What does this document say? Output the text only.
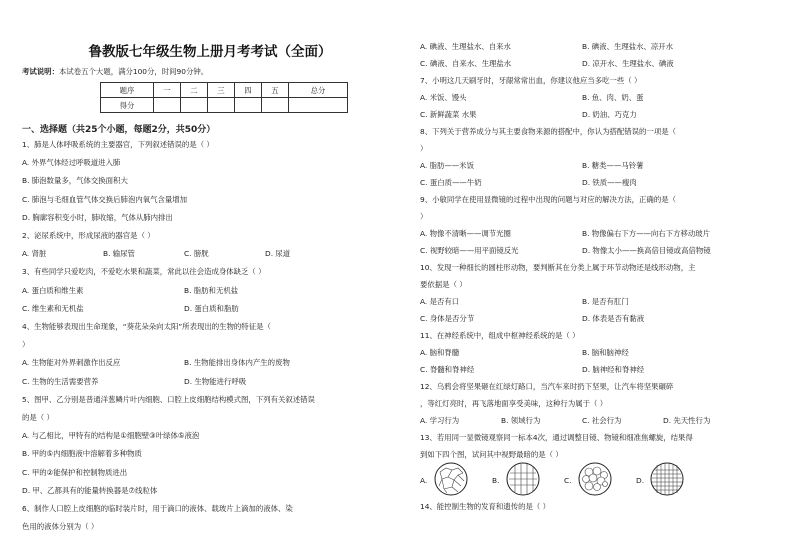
鲁教版七年级生物上册月考考试（全面）
考试说明：本试卷五个大题，满分100分，时间90分钟。
题序	一	二	三	四	五	总分
得分						
一、选择题（共25个小题，每题2分，共50分）
1、肺是人体呼吸系统的主要器官，下列叙述错误的是（ ）
A. 外界气体经过呼吸道进入肺
B. 肺泡数量多，气体交换面积大
C. 肺泡与毛细血管气体交换后肺泡内氧气含量增加
D. 胸廓容积变小时，肺收缩，气体从肺内排出
2、泌尿系统中，形成尿液的器官是（ ）
A. 肾脏	B. 输尿管	C. 膀胱	D. 尿道
3、有些同学只爱吃肉，不爱吃水果和蔬菜，常此以往会造成身体缺乏（ ）
A. 蛋白质和维生素	B. 脂肪和无机盐
C. 维生素和无机盐	D. 蛋白质和脂肪
4、生物能够表现出生命现象，“葵花朵朵向太阳”所表现出的生物的特征是（
）
A. 生物能对外界刺激作出反应	B. 生物能排出身体内产生的废物
C. 生物的生活需要营养	D. 生物能进行呼吸
5、图甲、乙分别是普通洋葱鳞片叶内细胞、口腔上皮细胞结构模式图，下列有关叙述错误
的是（ ）
A. 与乙相比，甲特有的结构是①细胞壁③叶绿体⑤液泡
B. 甲的⑤内细胞液中溶解着多种物质
C. 甲的②能保护和控制物质进出
D. 甲、乙都具有的能量转换器是⑦线粒体
6、制作人口腔上皮细胞的临时装片时，用于滴口的液体、载玻片上滴加的液体、染
色用的液体分别为（ ）
A. 碘液、生理盐水、自来水	B. 碘液、生理盐水、凉开水
C. 碘液、自来水、生理盐水	D. 凉开水、生理盐水、碘液
7、小明这几天刷牙时，牙龈常常出血，你建议他应当多吃一些（ ）
A. 米饭、馒头	B. 鱼、肉、奶、蛋
C. 新鲜蔬菜 水果	D. 奶油、巧克力
8、下列关于营养成分与其主要食物来源的搭配中，你认为搭配错误的一项是（
）
A. 脂肪——米饭	B. 糖类——马铃薯
C. 蛋白质——牛奶	D. 铁质——瘦肉
9、小敏同学在使用显微镜的过程中出现的问题与对应的解决方法，正确的是（
）
A. 物像不清晰——调节光圈	B. 物像偏右下方——向右下方移动玻片
C. 视野较暗——用平面镜反光	D. 物像太小——换高倍目镜或高倍物镜
10、发现一种细长的圆柱形动物，要判断其在分类上属于环节动物还是线形动物，主
要依据是（ ）
A. 是否有口	B. 是否有肛门
C. 身体是否分节	D. 体表是否有黏液
11、在神经系统中，组成中枢神经系统的是（ ）
A. 脑和脊髓	B. 脑和脑神经
C. 脊髓和脊神经	D. 脑神经和脊神经
12、乌鸦会将坚果砸在红绿灯路口，当汽车来时扔下坚果，让汽车将坚果碾碎
，等红灯亮时，再飞落地面享受美味，这种行为属于（ ）
A. 学习行为	B. 领域行为	C. 社会行为	D. 先天性行为
13、若用同一显微镜观察同一标本4次，通过调整目镜、物镜和细准焦螺旋，结果得
到如下四个图，试问其中视野最暗的是（ ）
A.	B.	C.	D.
14、能控制生物的发育和遗传的是（ ）
